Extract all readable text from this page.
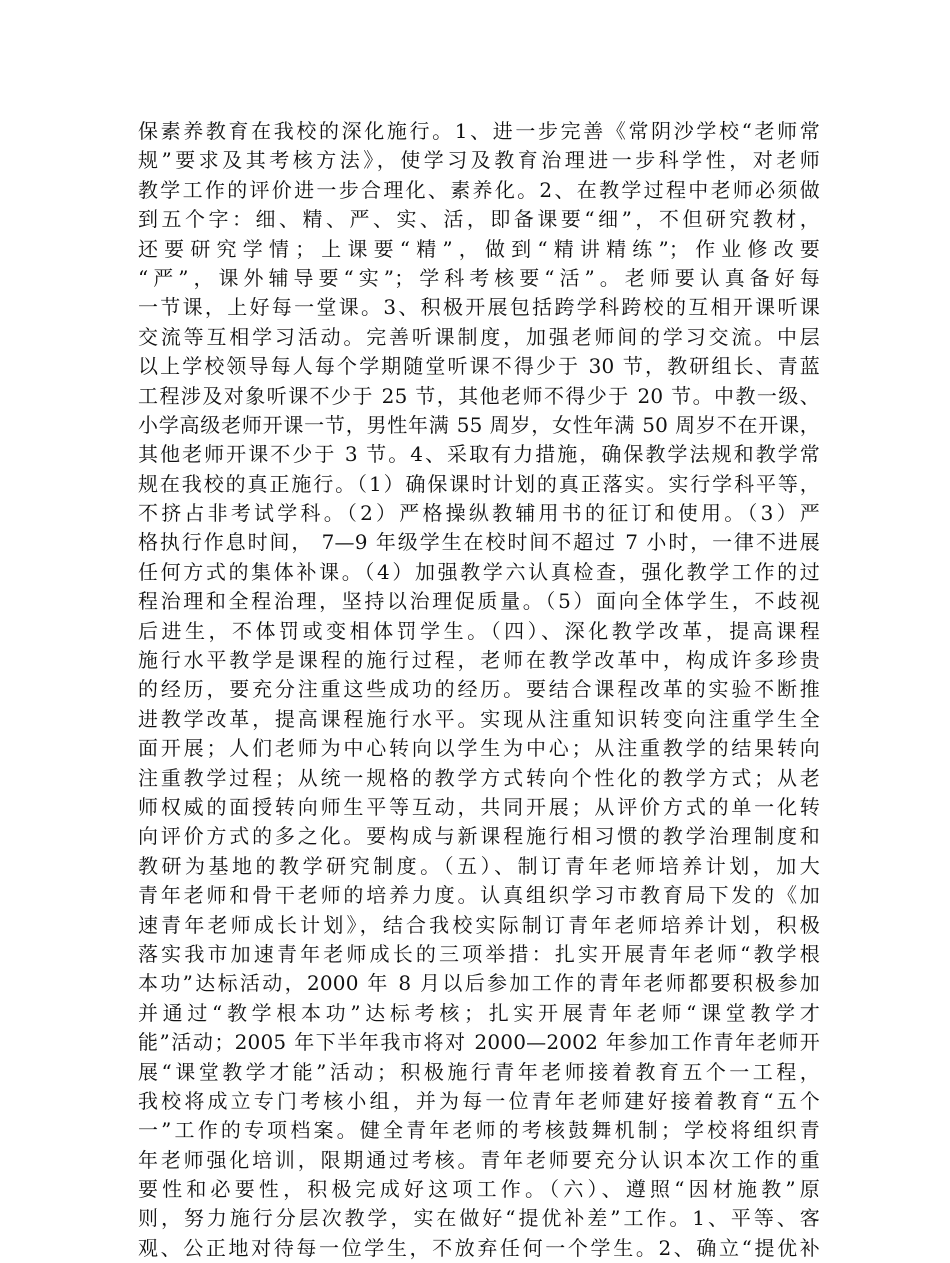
保素养教育在我校的深化施行。1、进一步完善《常阴沙学校“老师常
规”要求及其考核方法》，使学习及教育治理进一步科学性，对老师
教学工作的评价进一步合理化、素养化。2、在教学过程中老师必须做
到五个字：细、精、严、实、活，即备课要“细”，不但研究教材，
还要研究学情；上课要“精”，做到“精讲精练”；作业修改要
“严”，课外辅导要“实”；学科考核要“活”。老师要认真备好每
一节课，上好每一堂课。3、积极开展包括跨学科跨校的互相开课听课
交流等互相学习活动。完善听课制度，加强老师间的学习交流。中层
以上学校领导每人每个学期随堂听课不得少于 30 节，教研组长、青蓝
工程涉及对象听课不少于 25 节，其他老师不得少于 20 节。中教一级、
小学高级老师开课一节，男性年满 55 周岁，女性年满 50 周岁不在开课，
其他老师开课不少于 3 节。4、采取有力措施，确保教学法规和教学常
规在我校的真正施行。（1）确保课时计划的真正落实。实行学科平等，
不挤占非考试学科。（2）严格操纵教辅用书的征订和使用。（3）严
格执行作息时间， 7—9 年级学生在校时间不超过 7 小时，一律不进展
任何方式的集体补课。（4）加强教学六认真检查，强化教学工作的过
程治理和全程治理，坚持以治理促质量。（5）面向全体学生，不歧视
后进生，不体罚或变相体罚学生。（四）、深化教学改革，提高课程
施行水平教学是课程的施行过程，老师在教学改革中，构成许多珍贵
的经历，要充分注重这些成功的经历。要结合课程改革的实验不断推
进教学改革，提高课程施行水平。实现从注重知识转变向注重学生全
面开展；人们老师为中心转向以学生为中心；从注重教学的结果转向
注重教学过程；从统一规格的教学方式转向个性化的教学方式；从老
师权威的面授转向师生平等互动，共同开展；从评价方式的单一化转
向评价方式的多之化。要构成与新课程施行相习惯的教学治理制度和
教研为基地的教学研究制度。（五）、制订青年老师培养计划，加大
青年老师和骨干老师的培养力度。认真组织学习市教育局下发的《加
速青年老师成长计划》，结合我校实际制订青年老师培养计划，积极
落实我市加速青年老师成长的三项举措：扎实开展青年老师“教学根
本功”达标活动，2000 年 8 月以后参加工作的青年老师都要积极参加
并通过“教学根本功”达标考核；扎实开展青年老师“课堂教学才
能”活动；2005 年下半年我市将对 2000—2002 年参加工作青年老师开
展“课堂教学才能”活动；积极施行青年老师接着教育五个一工程，
我校将成立专门考核小组，并为每一位青年老师建好接着教育“五个
一”工作的专项档案。健全青年老师的考核鼓舞机制；学校将组织青
年老师强化培训，限期通过考核。青年老师要充分认识本次工作的重
要性和必要性，积极完成好这项工作。（六）、遵照“因材施教”原
则，努力施行分层次教学，实在做好“提优补差”工作。1、平等、客
观、公正地对待每一位学生，不放弃任何一个学生。2、确立“提优补
